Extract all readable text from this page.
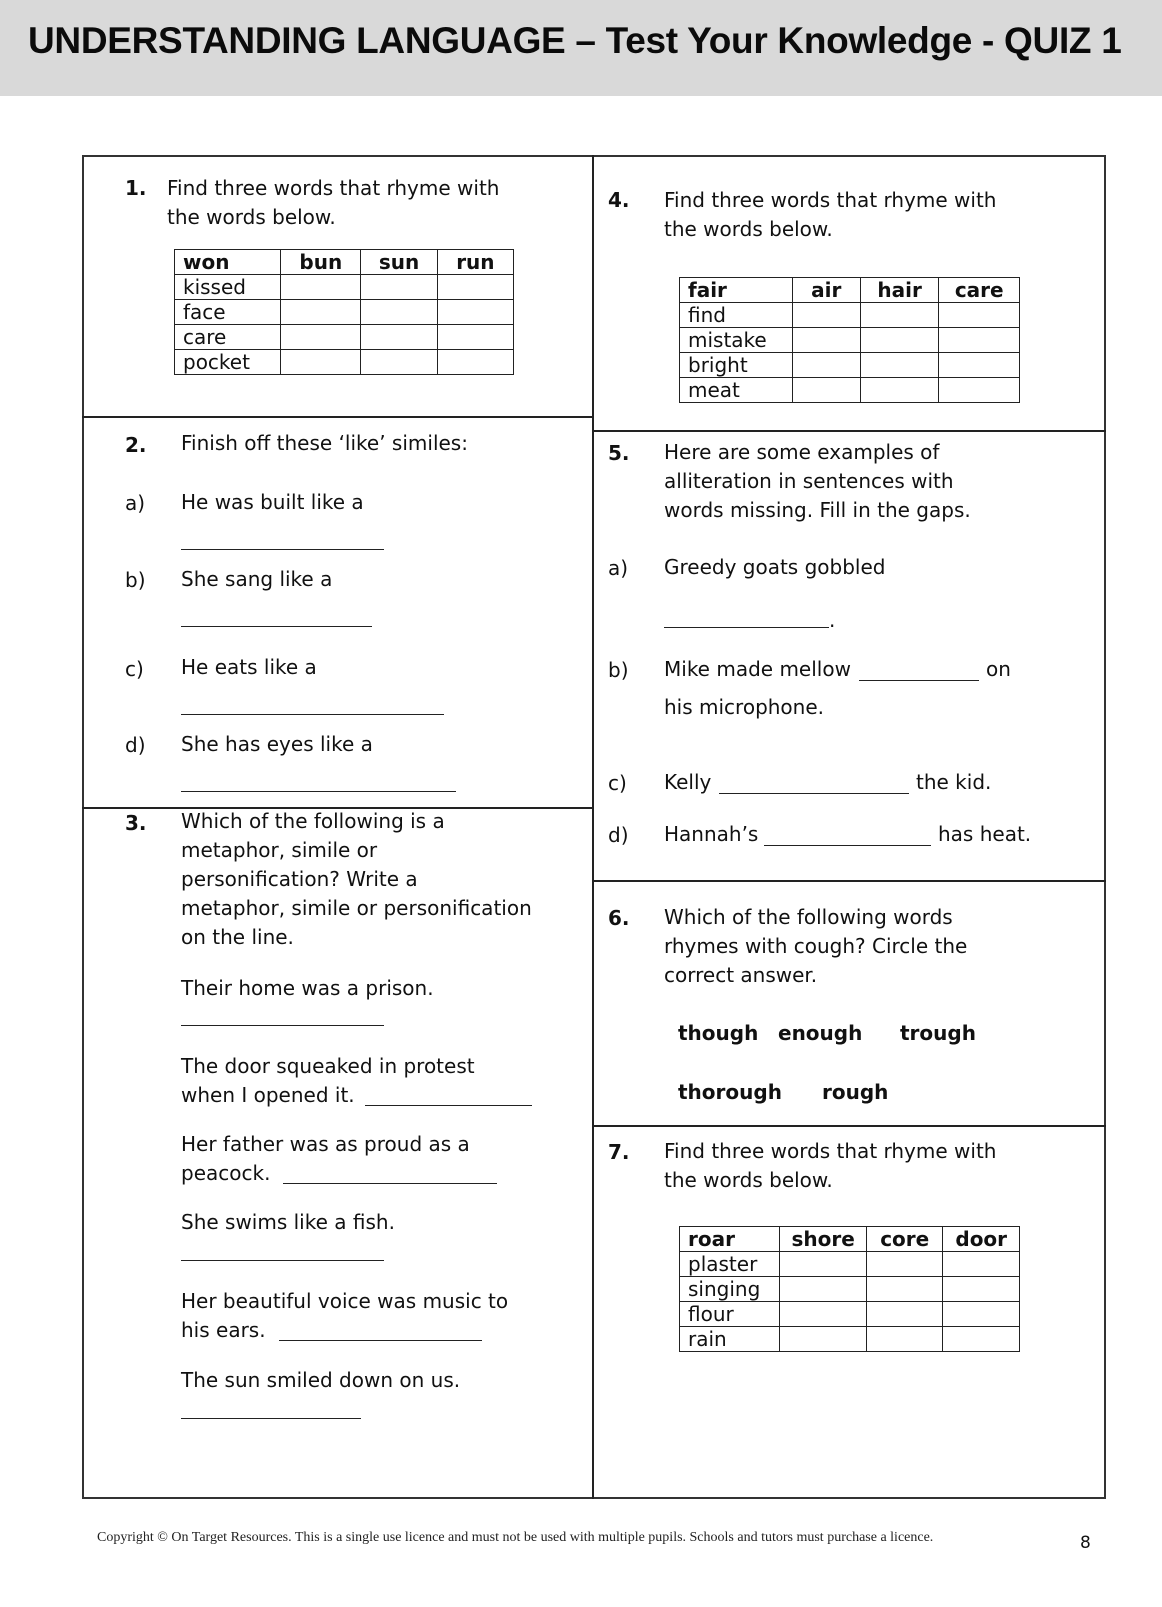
UNDERSTANDING LANGUAGE – Test Your Knowledge - QUIZ 1
1. Find three words that rhyme with
the words below.
won	bun	sun	run
kissed			
face			
care			
pocket			
2. Finish off these ‘like’ similes:
a) He was built like a
b) She sang like a
c) He eats like a
d) She has eyes like a
3. Which of the following is a
metaphor, simile or
personification? Write a
metaphor, simile or personification
on the line.
Their home was a prison.
The door squeaked in protest
when I opened it.
Her father was as proud as a
peacock.
She swims like a fish.
Her beautiful voice was music to
his ears.
The sun smiled down on us.
4. Find three words that rhyme with
the words below.
fair	air	hair	care
find			
mistake			
bright			
meat			
5. Here are some examples of
alliteration in sentences with
words missing. Fill in the gaps.
a) Greedy goats gobbled
.
b) Mike made mellow	on
his microphone.
c) Kelly	the kid.
d) Hannah’s	has heat.
6. Which of the following words
rhymes with cough? Circle the
correct answer.
though enough trough
thorough rough
7. Find three words that rhyme with
the words below.
roar	shore	core	door
plaster			
singing			
flour			
rain			
Copyright © On Target Resources. This is a single use licence and must not be used with multiple pupils. Schools and tutors must purchase a licence.	8
